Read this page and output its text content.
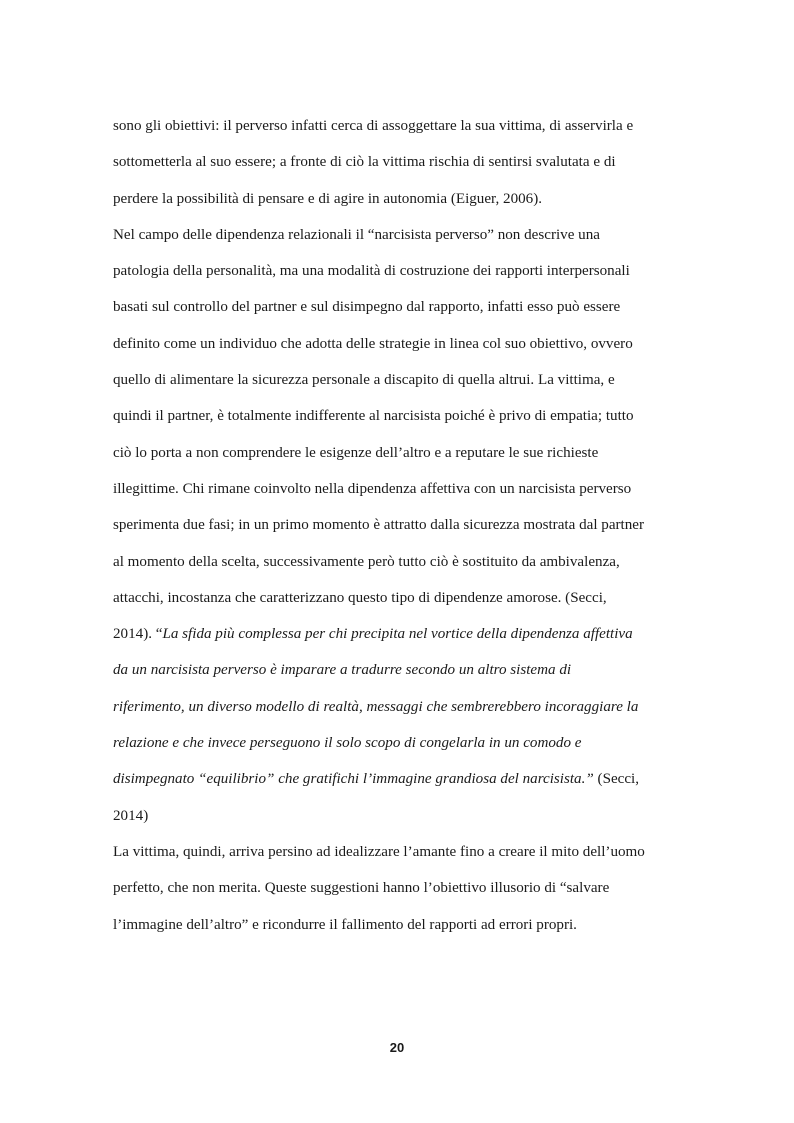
sono gli obiettivi: il perverso infatti cerca di assoggettare la sua vittima, di asservirla e
sottometterla al suo essere; a fronte di ciò la vittima rischia di sentirsi svalutata e di
perdere la possibilità di pensare e di agire in autonomia (Eiguer, 2006).
Nel campo delle dipendenza relazionali il “narcisista perverso” non descrive una
patologia della personalità, ma una modalità di costruzione dei rapporti interpersonali
basati sul controllo del partner e sul disimpegno dal rapporto, infatti esso può essere
definito come un individuo che adotta delle strategie in linea col suo obiettivo, ovvero
quello di alimentare la sicurezza personale a discapito di quella altrui. La vittima, e
quindi il partner, è totalmente indifferente al narcisista poiché è privo di empatia; tutto
ciò lo porta a non comprendere le esigenze dell’altro e a reputare le sue richieste
illegittime. Chi rimane coinvolto nella dipendenza affettiva con un narcisista perverso
sperimenta due fasi; in un primo momento è attratto dalla sicurezza mostrata dal partner
al momento della scelta, successivamente però tutto ciò è sostituito da ambivalenza,
attacchi, incostanza che caratterizzano questo tipo di dipendenze amorose. (Secci,
2014). “La sfida più complessa per chi precipita nel vortice della dipendenza affettiva
da un narcisista perverso è imparare a tradurre secondo un altro sistema di
riferimento, un diverso modello di realtà, messaggi che sembrerebbero incoraggiare la
relazione e che invece perseguono il solo scopo di congelarla in un comodo e
disimpegnato “equilibrio” che gratifichi l’immagine grandiosa del narcisista.” (Secci,
2014)
La vittima, quindi, arriva persino ad idealizzare l’amante fino a creare il mito dell’uomo
perfetto, che non merita. Queste suggestioni hanno l’obiettivo illusorio di “salvare
l’immagine dell’altro” e ricondurre il fallimento del rapporti ad errori propri.
20
